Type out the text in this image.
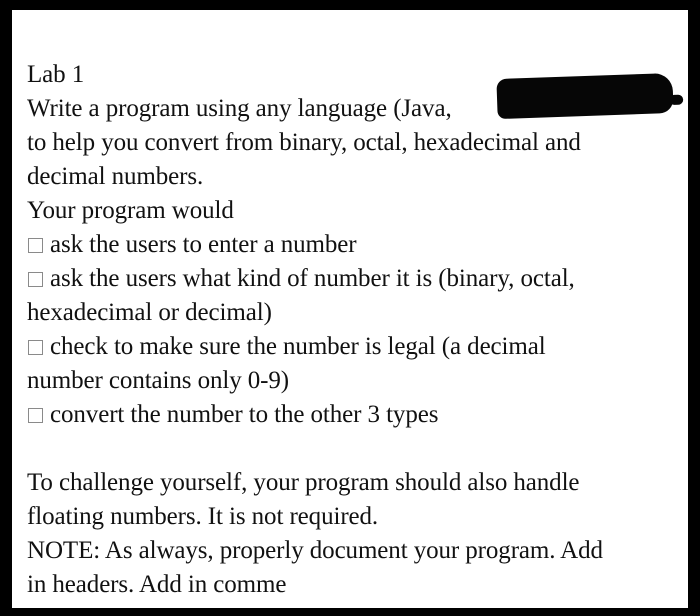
Lab 1
Write a program using any language (Java,
to help you convert from binary, octal, hexadecimal and
decimal numbers.
Your program would
ask the users to enter a number
ask the users what kind of number it is (binary, octal,
hexadecimal or decimal)
check to make sure the number is legal (a decimal
number contains only 0-9)
convert the number to the other 3 types
To challenge yourself, your program should also handle
floating numbers. It is not required.
NOTE: As always, properly document your program. Add
in headers. Add in comme
